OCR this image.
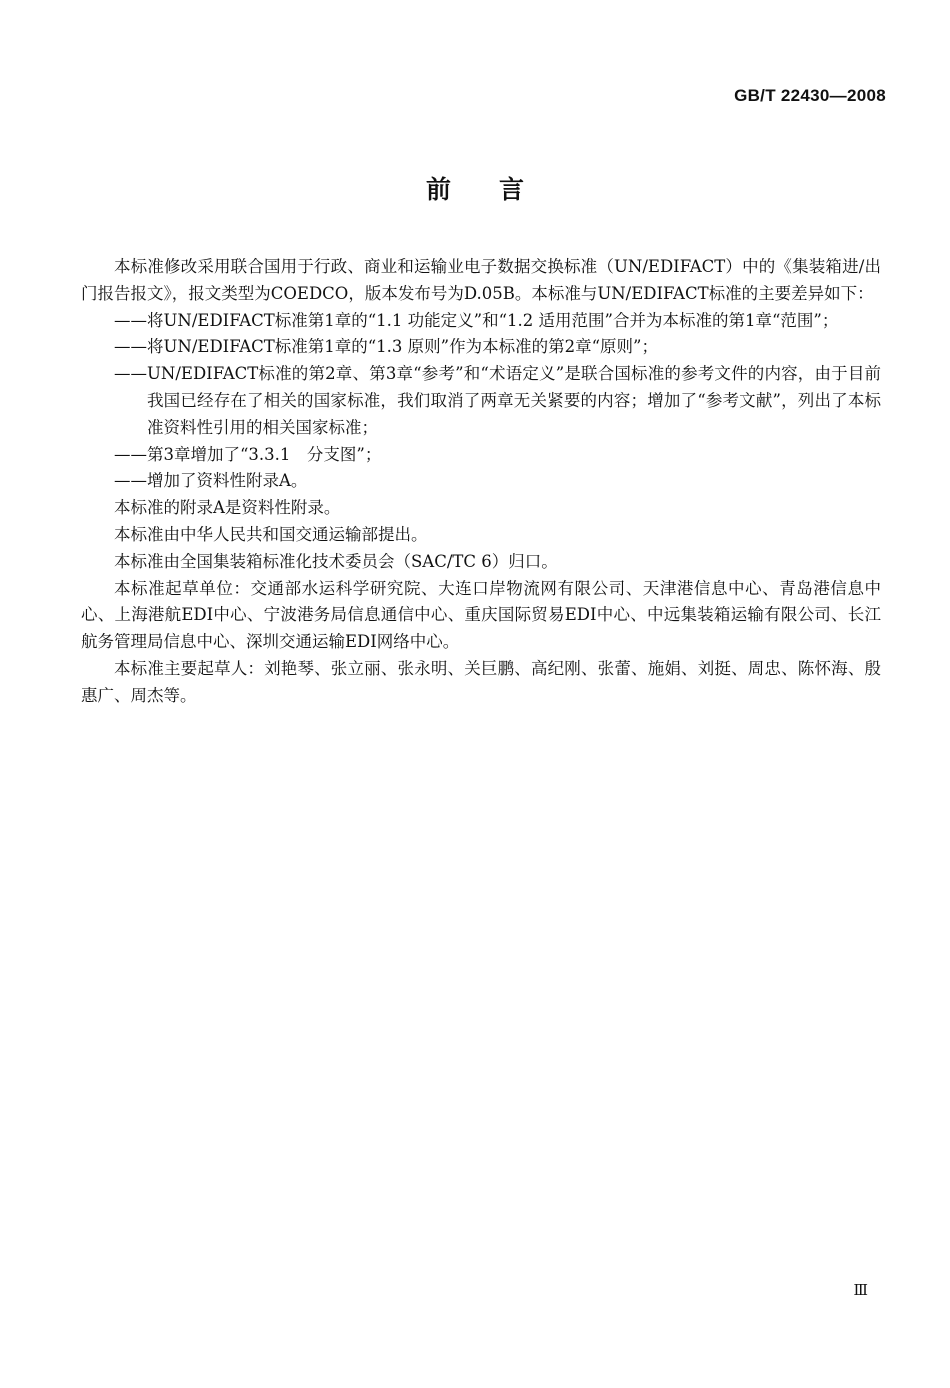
GB/T 22430—2008
前言

本标准修改采用联合国用于行政、商业和运输业电子数据交换标准（UN/EDIFACT）中的《集装箱进/出门报告报文》，报文类型为COEDCO，版本发布号为D.05B。本标准与UN/EDIFACT标准的主要差异如下：

——将UN/EDIFACT标准第1章的“1.1 功能定义”和“1.2 适用范围”合并为本标准的第1章“范围”；

——将UN/EDIFACT标准第1章的“1.3 原则”作为本标准的第2章“原则”；

——UN/EDIFACT标准的第2章、第3章“参考”和“术语定义”是联合国标准的参考文件的内容，由于目前我国已经存在了相关的国家标准，我们取消了两章无关紧要的内容；增加了“参考文献”，列出了本标准资料性引用的相关国家标准；

——第3章增加了“3.3.1　分支图”；

——增加了资料性附录A。

本标准的附录A是资料性附录。

本标准由中华人民共和国交通运输部提出。

本标准由全国集装箱标准化技术委员会（SAC/TC 6）归口。

本标准起草单位：交通部水运科学研究院、大连口岸物流网有限公司、天津港信息中心、青岛港信息中心、上海港航EDI中心、宁波港务局信息通信中心、重庆国际贸易EDI中心、中远集装箱运输有限公司、长江航务管理局信息中心、深圳交通运输EDI网络中心。

本标准主要起草人：刘艳琴、张立丽、张永明、关巨鹏、高纪刚、张蕾、施娟、刘挺、周忠、陈怀海、殷惠广、周杰等。

Ⅲ
